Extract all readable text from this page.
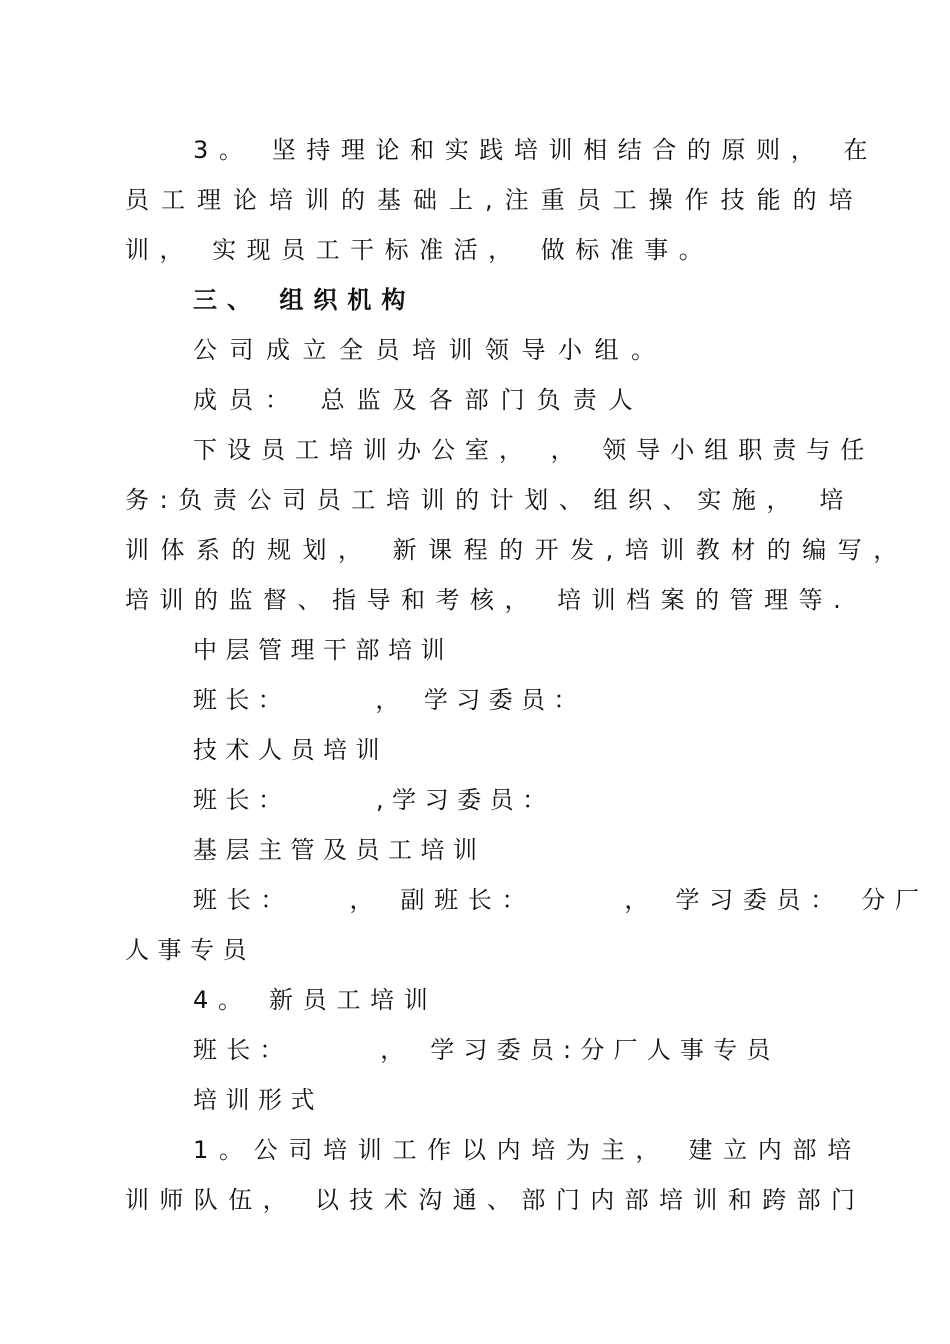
3。 坚持理论和实践培训相结合的原则， 在
员工理论培训的基础上,注重员工操作技能的培
训， 实现员工干标准活， 做标准事。
三、 组织机构
公司成立全员培训领导小组。
成员： 总监及各部门负责人
下设员工培训办公室， ， 领导小组职责与任
务:负责公司员工培训的计划、组织、实施， 培
训体系的规划， 新课程的开发,培训教材的编写，
培训的监督、指导和考核， 培训档案的管理等.
中层管理干部培训
班长：　　　， 学习委员：
技术人员培训
班长：　　　,学习委员：
基层主管及员工培训
班长：　　， 副班长：　　　， 学习委员： 分厂
人事专员
4。 新员工培训
班长：　　　， 学习委员:分厂人事专员
培训形式
1。公司培训工作以内培为主， 建立内部培
训师队伍， 以技术沟通、部门内部培训和跨部门
